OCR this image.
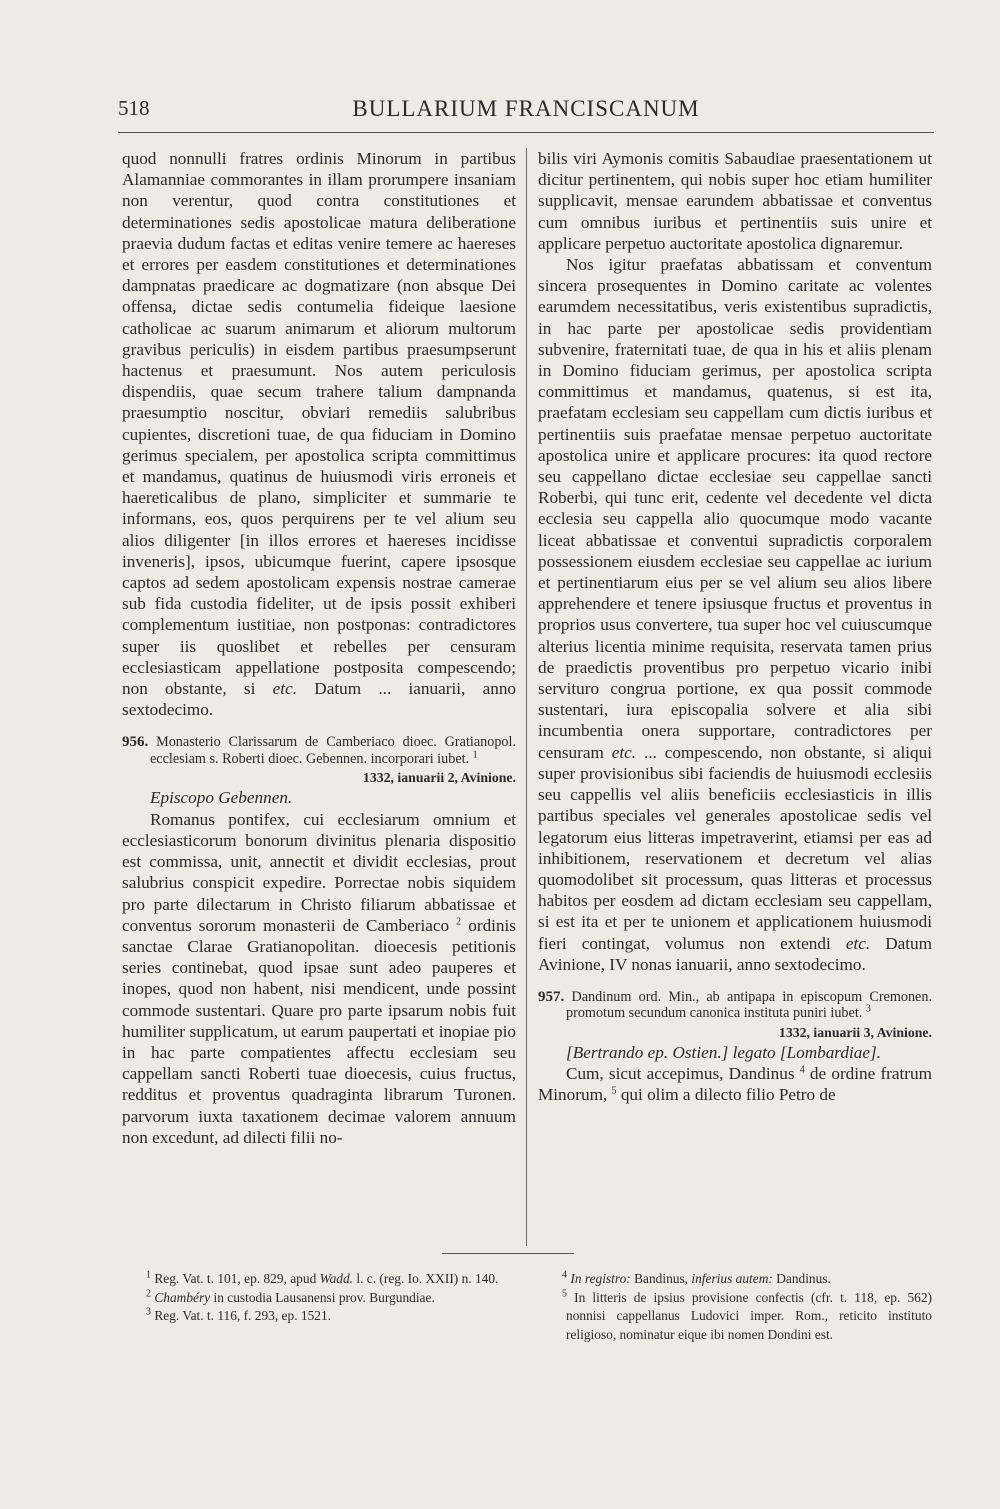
518	BULLARIUM FRANCISCANUM

quod nonnulli fratres ordinis Minorum in partibus Alamanniae commorantes in illam prorumpere insaniam non verentur, quod contra constitutiones et determinationes sedis apostolicae matura deliberatione praevia dudum factas et editas venire temere ac haereses et errores per easdem constitutiones et determinationes dampnatas praedicare ac dogmatizare (non absque Dei offensa, dictae sedis contumelia fideique laesione catholicae ac suarum animarum et aliorum multorum gravibus periculis) in eisdem partibus praesumpserunt hactenus et praesumunt. Nos autem periculosis dispendiis, quae secum trahere talium dampnanda praesumptio noscitur, obviari remediis salubribus cupientes, discretioni tuae, de qua fiduciam in Domino gerimus specialem, per apostolica scripta committimus et mandamus, quatinus de huiusmodi viris erroneis et haereticalibus de plano, simpliciter et summarie te informans, eos, quos perquirens per te vel alium seu alios diligenter [in illos errores et haereses incidisse inveneris], ipsos, ubicumque fuerint, capere ipsosque captos ad sedem apostolicam expensis nostrae camerae sub fida custodia fideliter, ut de ipsis possit exhiberi complementum iustitiae, non postponas: contradictores super iis quoslibet et rebelles per censuram ecclesiasticam appellatione postposita compescendo; non obstante, si etc. Datum ... ianuarii, anno sextodecimo.

956. Monasterio Clarissarum de Camberiaco dioec. Gratianopol. ecclesiam s. Roberti dioec. Gebennen. incorporari iubet. $^1$

1332, ianuarii 2, Avinione.

Episcopo Gebennen.

Romanus pontifex, cui ecclesiarum omnium et ecclesiasticorum bonorum divinitus plenaria dispositio est commissa, unit, annectit et dividit ecclesias, prout salubrius conspicit expedire. Porrectae nobis siquidem pro parte dilectarum in Christo filiarum abbatissae et conventus sororum monasterii de Camberiaco $^2$ ordinis sanctae Clarae Gratianopolitan. dioecesis petitionis series continebat, quod ipsae sunt adeo pauperes et inopes, quod non habent, nisi mendicent, unde possint commode sustentari. Quare pro parte ipsarum nobis fuit humiliter supplicatum, ut earum paupertati et inopiae pio in hac parte compatientes affectu ecclesiam seu cappellam sancti Roberti tuae dioecesis, cuius fructus, redditus et proventus quadraginta librarum Turonen. parvorum iuxta taxationem decimae valorem annuum non excedunt, ad dilecti filii no-

bilis viri Aymonis comitis Sabaudiae praesentationem ut dicitur pertinentem, qui nobis super hoc etiam humiliter supplicavit, mensae earundem abbatissae et conventus cum omnibus iuribus et pertinentiis suis unire et applicare perpetuo auctoritate apostolica dignaremur.

Nos igitur praefatas abbatissam et conventum sincera prosequentes in Domino caritate ac volentes earumdem necessitatibus, veris existentibus supradictis, in hac parte per apostolicae sedis providentiam subvenire, fraternitati tuae, de qua in his et aliis plenam in Domino fiduciam gerimus, per apostolica scripta committimus et mandamus, quatenus, si est ita, praefatam ecclesiam seu cappellam cum dictis iuribus et pertinentiis suis praefatae mensae perpetuo auctoritate apostolica unire et applicare procures: ita quod rectore seu cappellano dictae ecclesiae seu cappellae sancti Roberbi, qui tunc erit, cedente vel decedente vel dicta ecclesia seu cappella alio quocumque modo vacante liceat abbatissae et conventui supradictis corporalem possessionem eiusdem ecclesiae seu cappellae ac iurium et pertinentiarum eius per se vel alium seu alios libere apprehendere et tenere ipsiusque fructus et proventus in proprios usus convertere, tua super hoc vel cuiuscumque alterius licentia minime requisita, reservata tamen prius de praedictis proventibus pro perpetuo vicario inibi servituro congrua portione, ex qua possit commode sustentari, iura episcopalia solvere et alia sibi incumbentia onera supportare, contradictores per censuram etc. ... compescendo, non obstante, si aliqui super provisionibus sibi faciendis de huiusmodi ecclesiis seu cappellis vel aliis beneficiis ecclesiasticis in illis partibus speciales vel generales apostolicae sedis vel legatorum eius litteras impetraverint, etiamsi per eas ad inhibitionem, reservationem et decretum vel alias quomodolibet sit processum, quas litteras et processus habitos per eosdem ad dictam ecclesiam seu cappellam, si est ita et per te unionem et applicationem huiusmodi fieri contingat, volumus non extendi etc. Datum Avinione, IV nonas ianuarii, anno sextodecimo.

957. Dandinum ord. Min., ab antipapa in episcopum Cremonen. promotum secundum canonica instituta puniri iubet. $^3$

1332, ianuarii 3, Avinione.

[Bertrando ep. Ostien.] legato [Lombardiae].

Cum, sicut accepimus, Dandinus $^4$ de ordine fratrum Minorum, $^5$ qui olim a dilecto filio Petro de

$^1$ Reg. Vat. t. 101, ep. 829, apud Wadd. l. c. (reg. Io. XXII) n. 140.

$^2$ Chambéry in custodia Lausanensi prov. Burgundiae.

$^3$ Reg. Vat. t. 116, f. 293, ep. 1521.

$^4$ In registro: Bandinus, inferius autem: Dandinus.

$^5$ In litteris de ipsius provisione confectis (cfr. t. 118, ep. 562) nonnisi cappellanus Ludovici imper. Rom., reticito instituto religioso, nominatur eique ibi nomen Dondini est.
